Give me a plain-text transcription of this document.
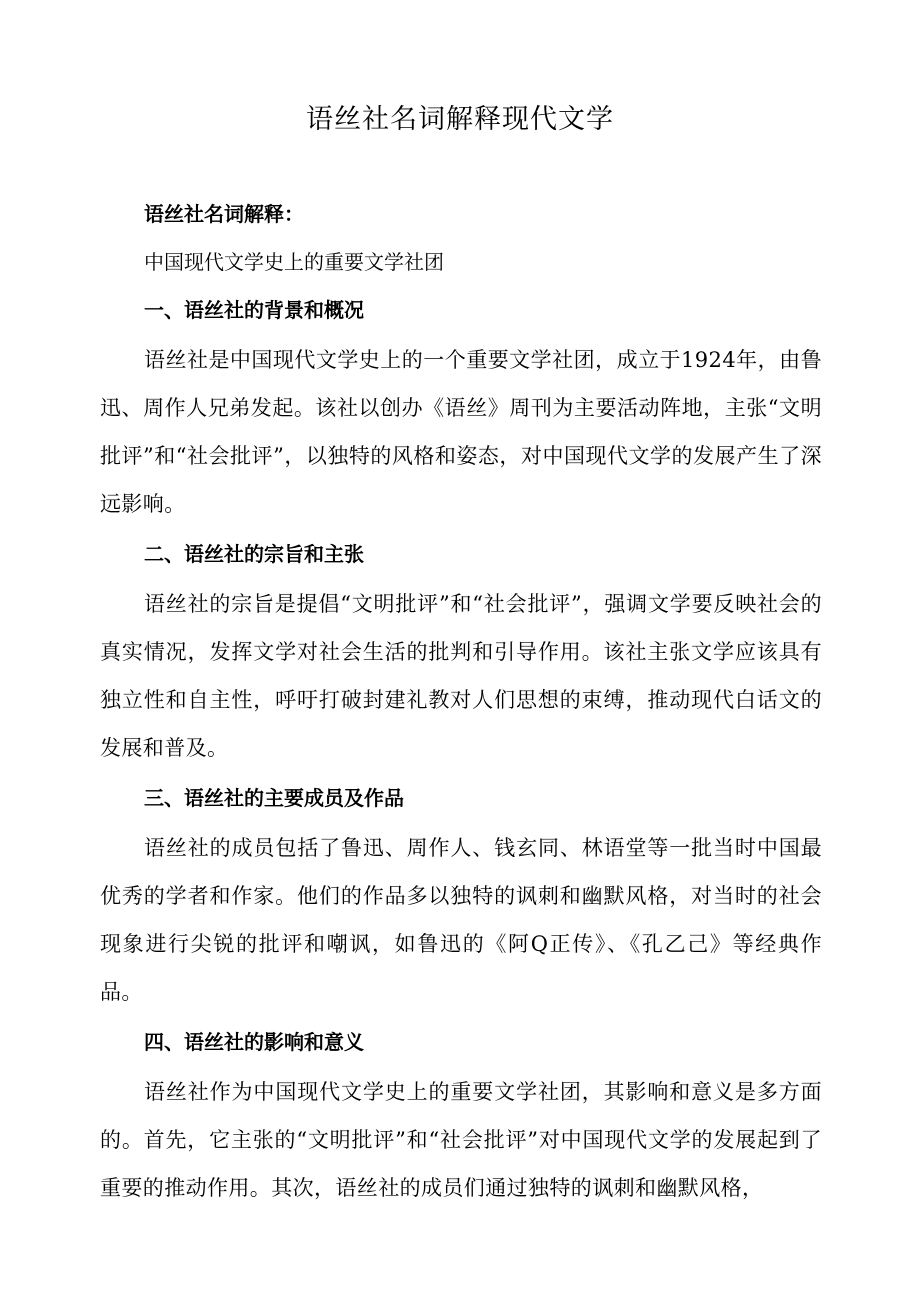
语丝社名词解释现代文学

语丝社名词解释：

中国现代文学史上的重要文学社团

一、语丝社的背景和概况

语丝社是中国现代文学史上的一个重要文学社团，成立于1924年，由鲁迅、周作人兄弟发起。该社以创办《语丝》周刊为主要活动阵地，主张“文明批评”和“社会批评”，以独特的风格和姿态，对中国现代文学的发展产生了深远影响。

二、语丝社的宗旨和主张

语丝社的宗旨是提倡“文明批评”和“社会批评”，强调文学要反映社会的真实情况，发挥文学对社会生活的批判和引导作用。该社主张文学应该具有独立性和自主性，呼吁打破封建礼教对人们思想的束缚，推动现代白话文的发展和普及。

三、语丝社的主要成员及作品

语丝社的成员包括了鲁迅、周作人、钱玄同、林语堂等一批当时中国最优秀的学者和作家。他们的作品多以独特的讽刺和幽默风格，对当时的社会现象进行尖锐的批评和嘲讽，如鲁迅的《阿Q正传》、《孔乙己》等经典作品。

四、语丝社的影响和意义

语丝社作为中国现代文学史上的重要文学社团，其影响和意义是多方面的。首先，它主张的“文明批评”和“社会批评”对中国现代文学的发展起到了重要的推动作用。其次，语丝社的成员们通过独特的讽刺和幽默风格，
